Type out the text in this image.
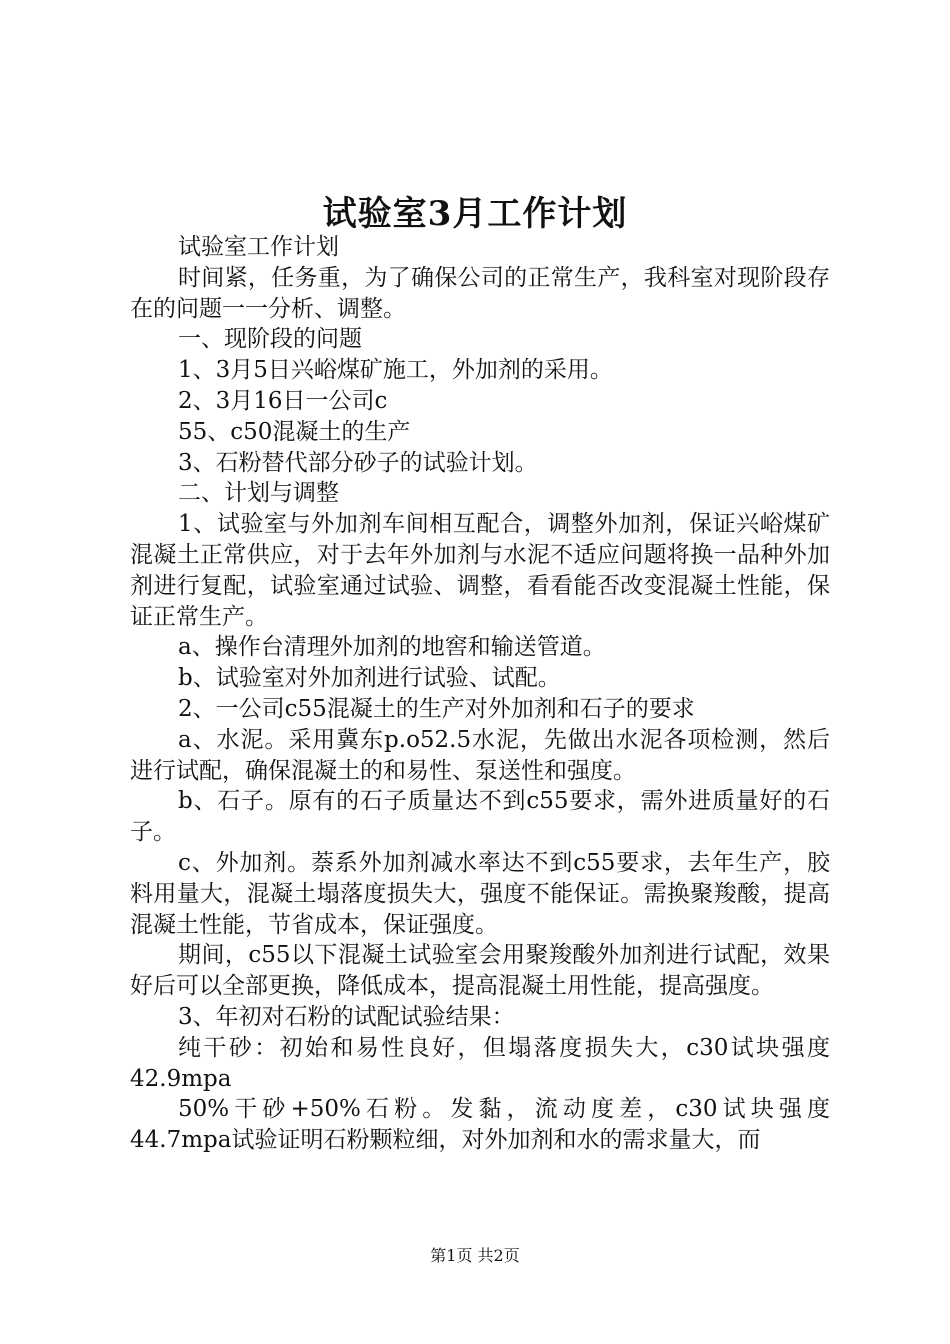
试验室3月工作计划

试验室工作计划

时间紧，任务重，为了确保公司的正常生产，我科室对现阶段存在的问题一一分析、调整。

一、现阶段的问题

1、3月5日兴峪煤矿施工，外加剂的采用。

2、3月16日一公司c

55、c50混凝土的生产

3、石粉替代部分砂子的试验计划。

二、计划与调整

1、试验室与外加剂车间相互配合，调整外加剂，保证兴峪煤矿混凝土正常供应，对于去年外加剂与水泥不适应问题将换一品种外加剂进行复配，试验室通过试验、调整，看看能否改变混凝土性能，保证正常生产。

a、操作台清理外加剂的地窖和输送管道。

b、试验室对外加剂进行试验、试配。

2、一公司c55混凝土的生产对外加剂和石子的要求

a、水泥。采用冀东p.o52.5水泥，先做出水泥各项检测，然后进行试配，确保混凝土的和易性、泵送性和强度。

b、石子。原有的石子质量达不到c55要求，需外进质量好的石子。

c、外加剂。萘系外加剂减水率达不到c55要求，去年生产，胶料用量大，混凝土塌落度损失大，强度不能保证。需换聚羧酸，提高混凝土性能，节省成本，保证强度。

期间，c55以下混凝土试验室会用聚羧酸外加剂进行试配，效果好后可以全部更换，降低成本，提高混凝土用性能，提高强度。

3、年初对石粉的试配试验结果：

纯干砂：初始和易性良好，但塌落度损失大，c30试块强度42.9mpa

50%干砂+50%石粉。发黏，流动度差，c30试块强度44.7mpa试验证明石粉颗粒细，对外加剂和水的需求量大，而

第1页 共2页
